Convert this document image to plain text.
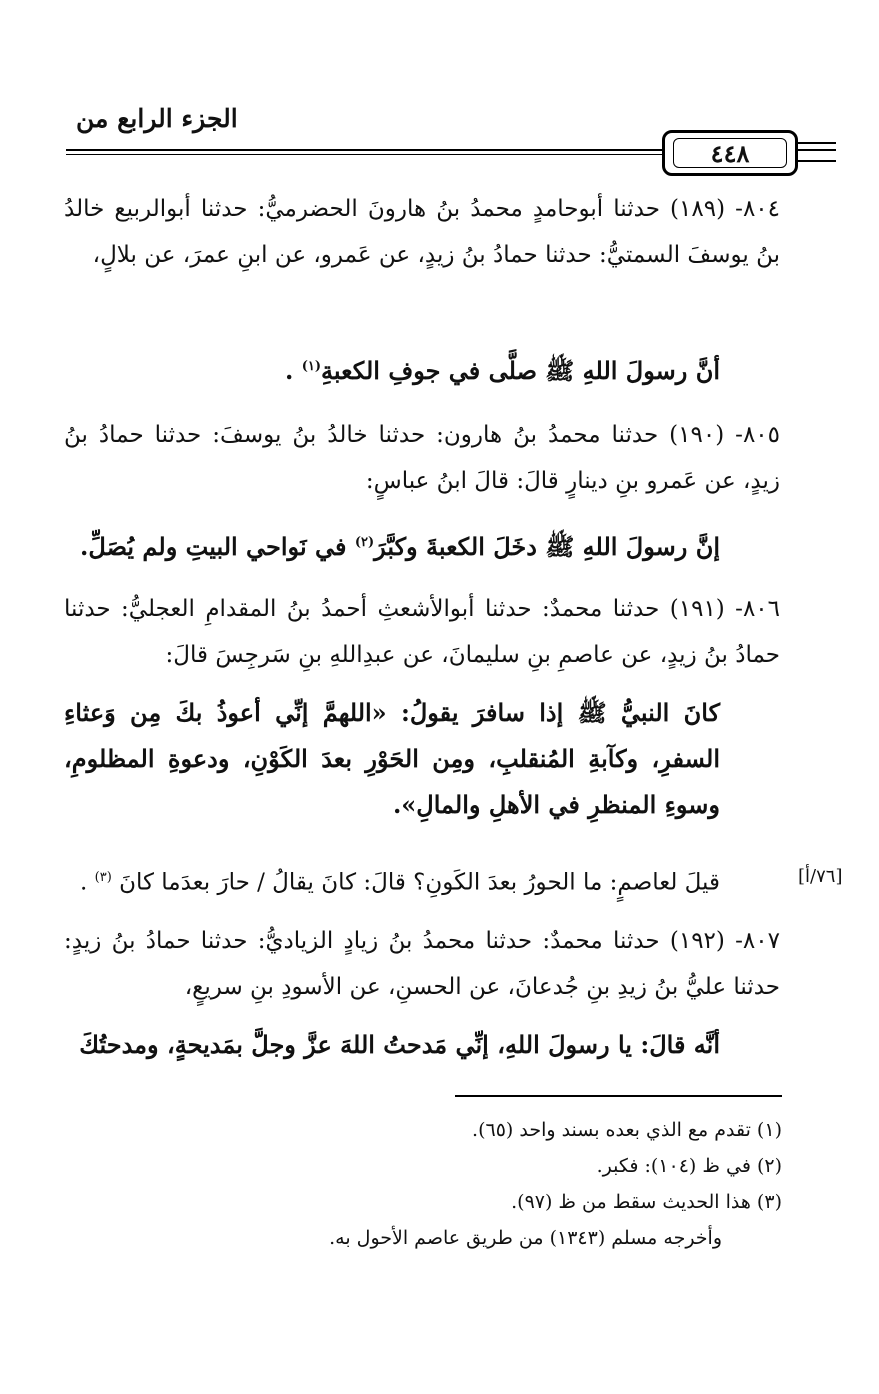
الجزء الرابع من
٤٤٨

٨٠٤- (١٨٩) حدثنا أبوحامدٍ محمدُ بنُ هارونَ الحضرميُّ: حدثنا أبوالربيع خالدُ بنُ يوسفَ السمتيُّ: حدثنا حمادُ بنُ زيدٍ، عن عَمرو، عن ابنِ عمرَ، عن بلالٍ،

أنَّ رسولَ اللهِ ﷺ صلَّى في جوفِ الكعبةِ$^{(١)}$ .

٨٠٥- (١٩٠) حدثنا محمدُ بنُ هارون: حدثنا خالدُ بنُ يوسفَ: حدثنا حمادُ بنُ زيدٍ، عن عَمرو بنِ دينارٍ قالَ: قالَ ابنُ عباسٍ:

إنَّ رسولَ اللهِ ﷺ دخَلَ الكعبةَ وكبَّرَ$^{(٢)}$ في نَواحي البيتِ ولم يُصَلِّ.

٨٠٦- (١٩١) حدثنا محمدٌ: حدثنا أبوالأشعثِ أحمدُ بنُ المقدامِ العجليُّ: حدثنا حمادُ بنُ زيدٍ، عن عاصمِ بنِ سليمانَ، عن عبدِاللهِ بنِ سَرجِسَ قالَ:

كانَ النبيُّ ﷺ إذا سافرَ يقولُ: «اللهمَّ إنِّي أعوذُ بكَ مِن وَعثاءِ السفرِ، وكآبةِ المُنقلبِ، ومِن الحَوْرِ بعدَ الكَوْنِ، ودعوةِ المظلومِ، وسوءِ المنظرِ في الأهلِ والمالِ».

قيلَ لعاصمٍ: ما الحورُ بعدَ الكَونِ؟ قالَ: كانَ يقالُ / حارَ بعدَما كانَ $^{(٣)}$ .	[٧٦/أ]

٨٠٧- (١٩٢) حدثنا محمدٌ: حدثنا محمدُ بنُ زيادٍ الزياديُّ: حدثنا حمادُ بنُ زيدٍ: حدثنا عليُّ بنُ زيدِ بنِ جُدعانَ، عن الحسنِ، عن الأسودِ بنِ سريعٍ،

أنَّه قالَ: يا رسولَ اللهِ، إنِّي مَدحتُ اللهَ عزَّ وجلَّ بمَديحةٍ، ومدحتُكَ

(١) تقدم مع الذي بعده بسند واحد (٦٥).

(٢) في ظ (١٠٤): فكبر.

(٣) هذا الحديث سقط من ظ (٩٧).

وأخرجه مسلم (١٣٤٣) من طريق عاصم الأحول به.
